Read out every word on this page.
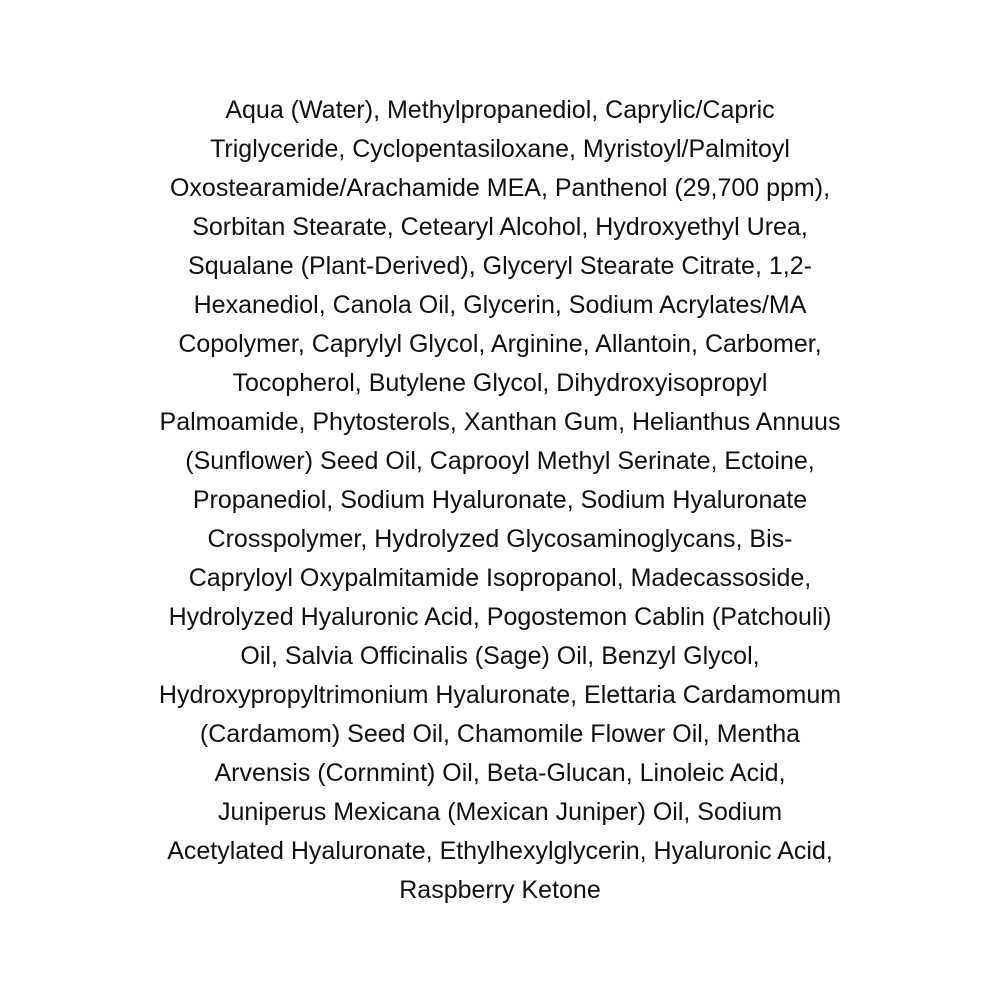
Aqua (Water), Methylpropanediol, Caprylic/Capric
Triglyceride, Cyclopentasiloxane, Myristoyl/Palmitoyl
Oxostearamide/Arachamide MEA, Panthenol (29,700 ppm),
Sorbitan Stearate, Cetearyl Alcohol, Hydroxyethyl Urea,
Squalane (Plant-Derived), Glyceryl Stearate Citrate, 1,2-
Hexanediol, Canola Oil, Glycerin, Sodium Acrylates/MA
Copolymer, Caprylyl Glycol, Arginine, Allantoin, Carbomer,
Tocopherol, Butylene Glycol, Dihydroxyisopropyl
Palmoamide, Phytosterols, Xanthan Gum, Helianthus Annuus
(Sunflower) Seed Oil, Caprooyl Methyl Serinate, Ectoine,
Propanediol, Sodium Hyaluronate, Sodium Hyaluronate
Crosspolymer, Hydrolyzed Glycosaminoglycans, Bis-
Capryloyl Oxypalmitamide Isopropanol, Madecassoside,
Hydrolyzed Hyaluronic Acid, Pogostemon Cablin (Patchouli)
Oil, Salvia Officinalis (Sage) Oil, Benzyl Glycol,
Hydroxypropyltrimonium Hyaluronate, Elettaria Cardamomum
(Cardamom) Seed Oil, Chamomile Flower Oil, Mentha
Arvensis (Cornmint) Oil, Beta-Glucan, Linoleic Acid,
Juniperus Mexicana (Mexican Juniper) Oil, Sodium
Acetylated Hyaluronate, Ethylhexylglycerin, Hyaluronic Acid,
Raspberry Ketone
